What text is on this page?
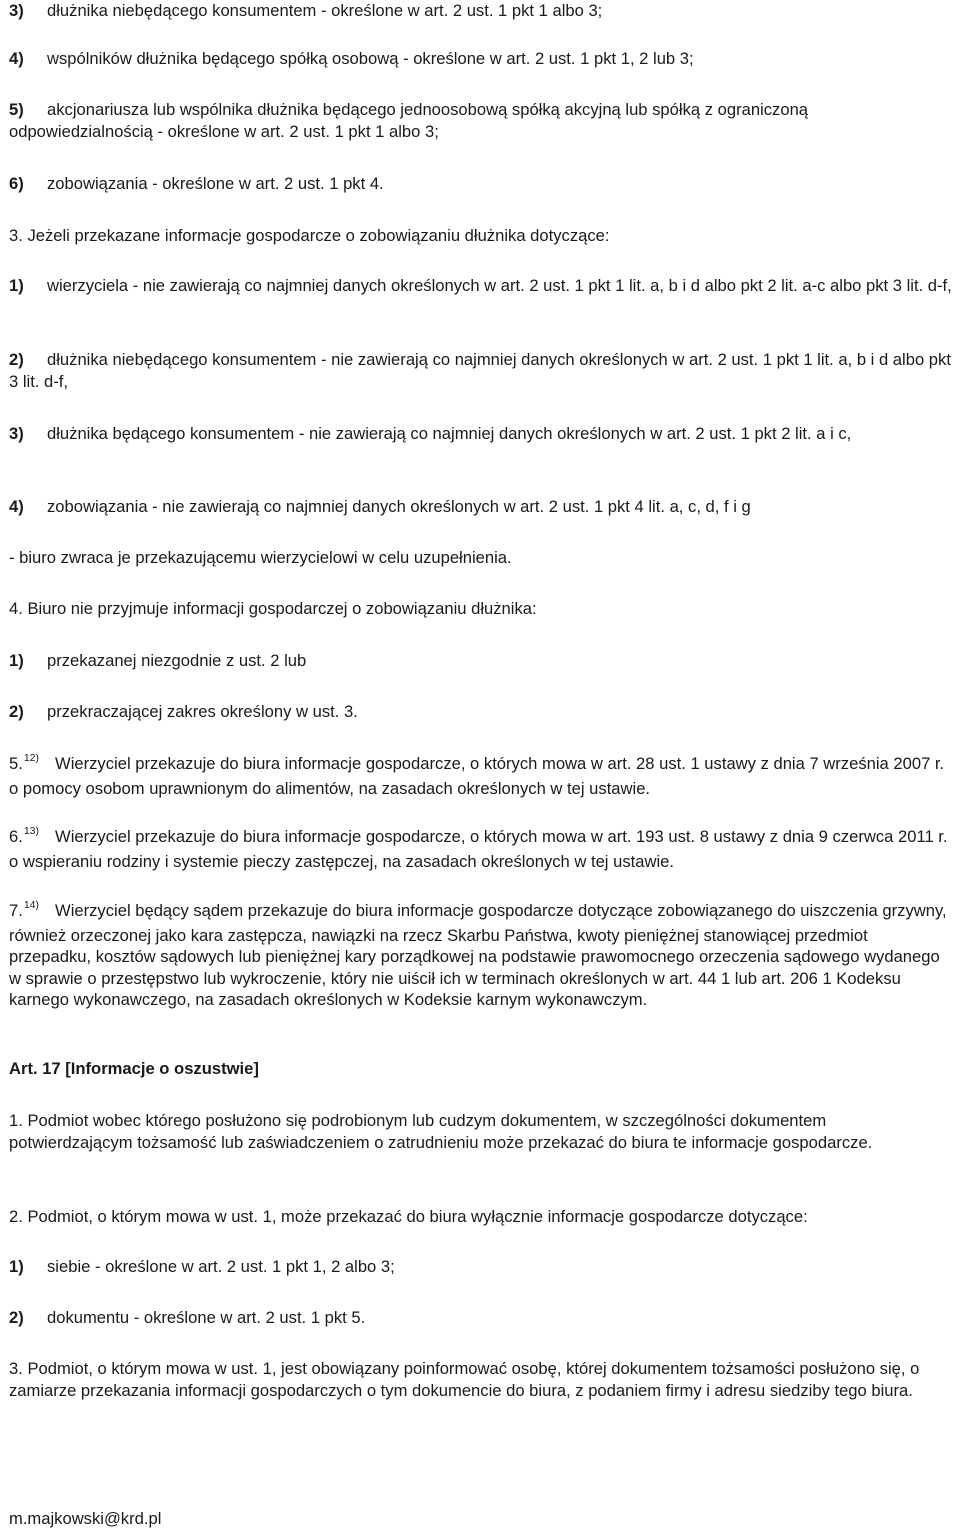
3) dłużnika niebędącego konsumentem - określone w art. 2 ust. 1 pkt 1 albo 3;

4) wspólników dłużnika będącego spółką osobową - określone w art. 2 ust. 1 pkt 1, 2 lub 3;

5) akcjonariusza lub wspólnika dłużnika będącego jednoosobową spółką akcyjną lub spółką z ograniczoną odpowiedzialnością - określone w art. 2 ust. 1 pkt 1 albo 3;

6) zobowiązania - określone w art. 2 ust. 1 pkt 4.

3. Jeżeli przekazane informacje gospodarcze o zobowiązaniu dłużnika dotyczące:

1) wierzyciela - nie zawierają co najmniej danych określonych w art. 2 ust. 1 pkt 1 lit. a, b i d albo pkt 2 lit. a-c albo pkt 3 lit. d-f,

2) dłużnika niebędącego konsumentem - nie zawierają co najmniej danych określonych w art. 2 ust. 1 pkt 1 lit. a, b i d albo pkt 3 lit. d-f,

3) dłużnika będącego konsumentem - nie zawierają co najmniej danych określonych w art. 2 ust. 1 pkt 2 lit. a i c,

4) zobowiązania - nie zawierają co najmniej danych określonych w art. 2 ust. 1 pkt 4 lit. a, c, d, f i g

- biuro zwraca je przekazującemu wierzycielowi w celu uzupełnienia.

4. Biuro nie przyjmuje informacji gospodarczej o zobowiązaniu dłużnika:

1) przekazanej niezgodnie z ust. 2 lub

2) przekraczającej zakres określony w ust. 3.

5.$^{12)}$ Wierzyciel przekazuje do biura informacje gospodarcze, o których mowa w art. 28 ust. 1 ustawy z dnia 7 września 2007 r. o pomocy osobom uprawnionym do alimentów, na zasadach określonych w tej ustawie.

6.$^{13)}$ Wierzyciel przekazuje do biura informacje gospodarcze, o których mowa w art. 193 ust. 8 ustawy z dnia 9 czerwca 2011 r. o wspieraniu rodziny i systemie pieczy zastępczej, na zasadach określonych w tej ustawie.

7.$^{14)}$ Wierzyciel będący sądem przekazuje do biura informacje gospodarcze dotyczące zobowiązanego do uiszczenia grzywny, również orzeczonej jako kara zastępcza, nawiązki na rzecz Skarbu Państwa, kwoty pieniężnej stanowiącej przedmiot przepadku, kosztów sądowych lub pieniężnej kary porządkowej na podstawie prawomocnego orzeczenia sądowego wydanego w sprawie o przestępstwo lub wykroczenie, który nie uiścił ich w terminach określonych w art. 44 1 lub art. 206 1 Kodeksu karnego wykonawczego, na zasadach określonych w Kodeksie karnym wykonawczym.

Art. 17 [Informacje o oszustwie]

1. Podmiot wobec którego posłużono się podrobionym lub cudzym dokumentem, w szczególności dokumentem potwierdzającym tożsamość lub zaświadczeniem o zatrudnieniu może przekazać do biura te informacje gospodarcze.

2. Podmiot, o którym mowa w ust. 1, może przekazać do biura wyłącznie informacje gospodarcze dotyczące:

1) siebie - określone w art. 2 ust. 1 pkt 1, 2 albo 3;

2) dokumentu - określone w art. 2 ust. 1 pkt 5.

3. Podmiot, o którym mowa w ust. 1, jest obowiązany poinformować osobę, której dokumentem tożsamości posłużono się, o zamiarze przekazania informacji gospodarczych o tym dokumencie do biura, z podaniem firmy i adresu siedziby tego biura.

m.majkowski@krd.pl
